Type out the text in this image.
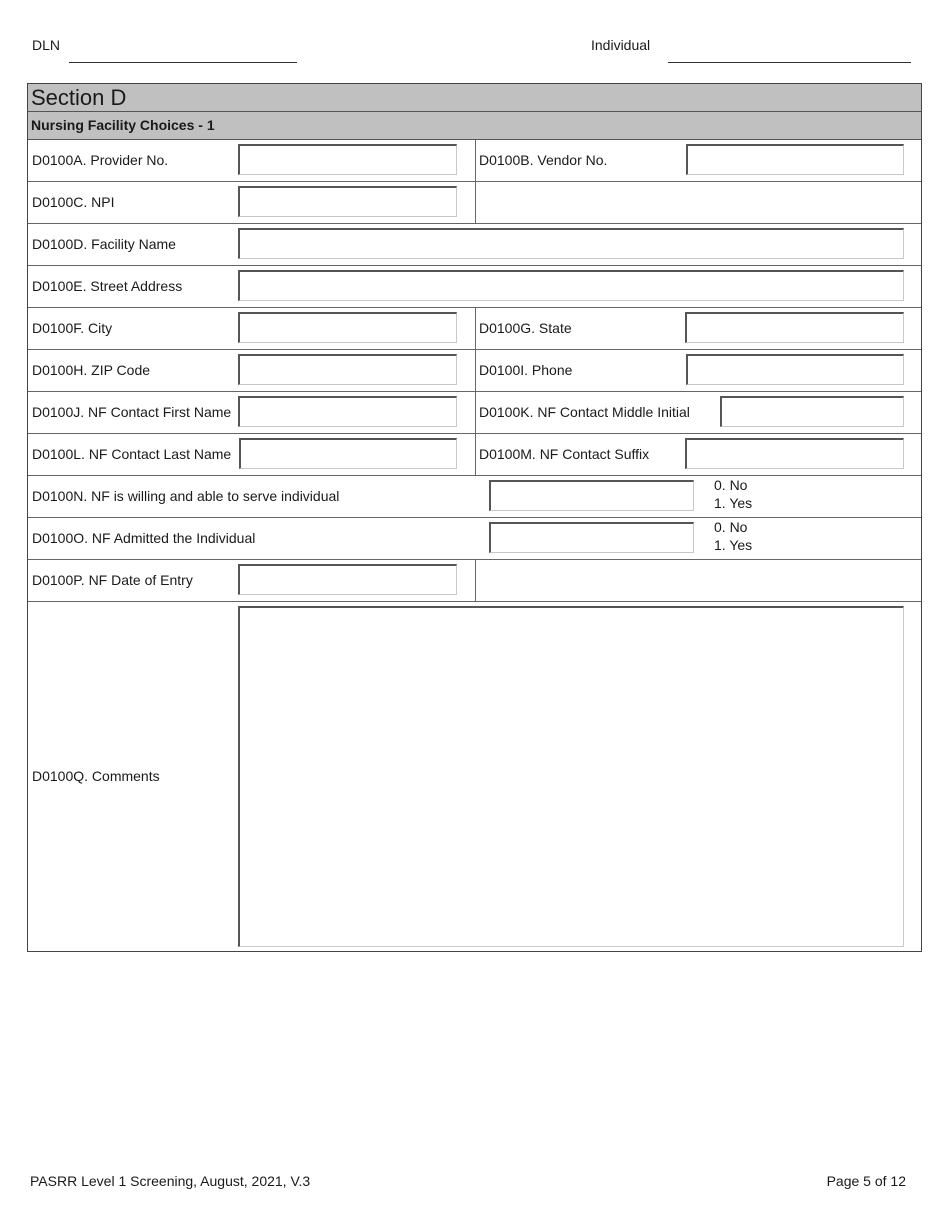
DLN	Individual
Section D
Nursing Facility Choices - 1
D0100A. Provider No.	D0100B. Vendor No.
D0100C. NPI
D0100D. Facility Name
D0100E. Street Address
D0100F. City	D0100G. State
D0100H. ZIP Code	D0100I. Phone
D0100J. NF Contact First Name	D0100K. NF Contact Middle Initial
D0100L. NF Contact Last Name	D0100M. NF Contact Suffix
D0100N. NF is willing and able to serve individual
0. No
1. Yes
D0100O. NF Admitted the Individual
0. No
1. Yes
D0100P. NF Date of Entry
D0100Q. Comments
PASRR Level 1 Screening, August, 2021, V.3	Page 5 of 12
